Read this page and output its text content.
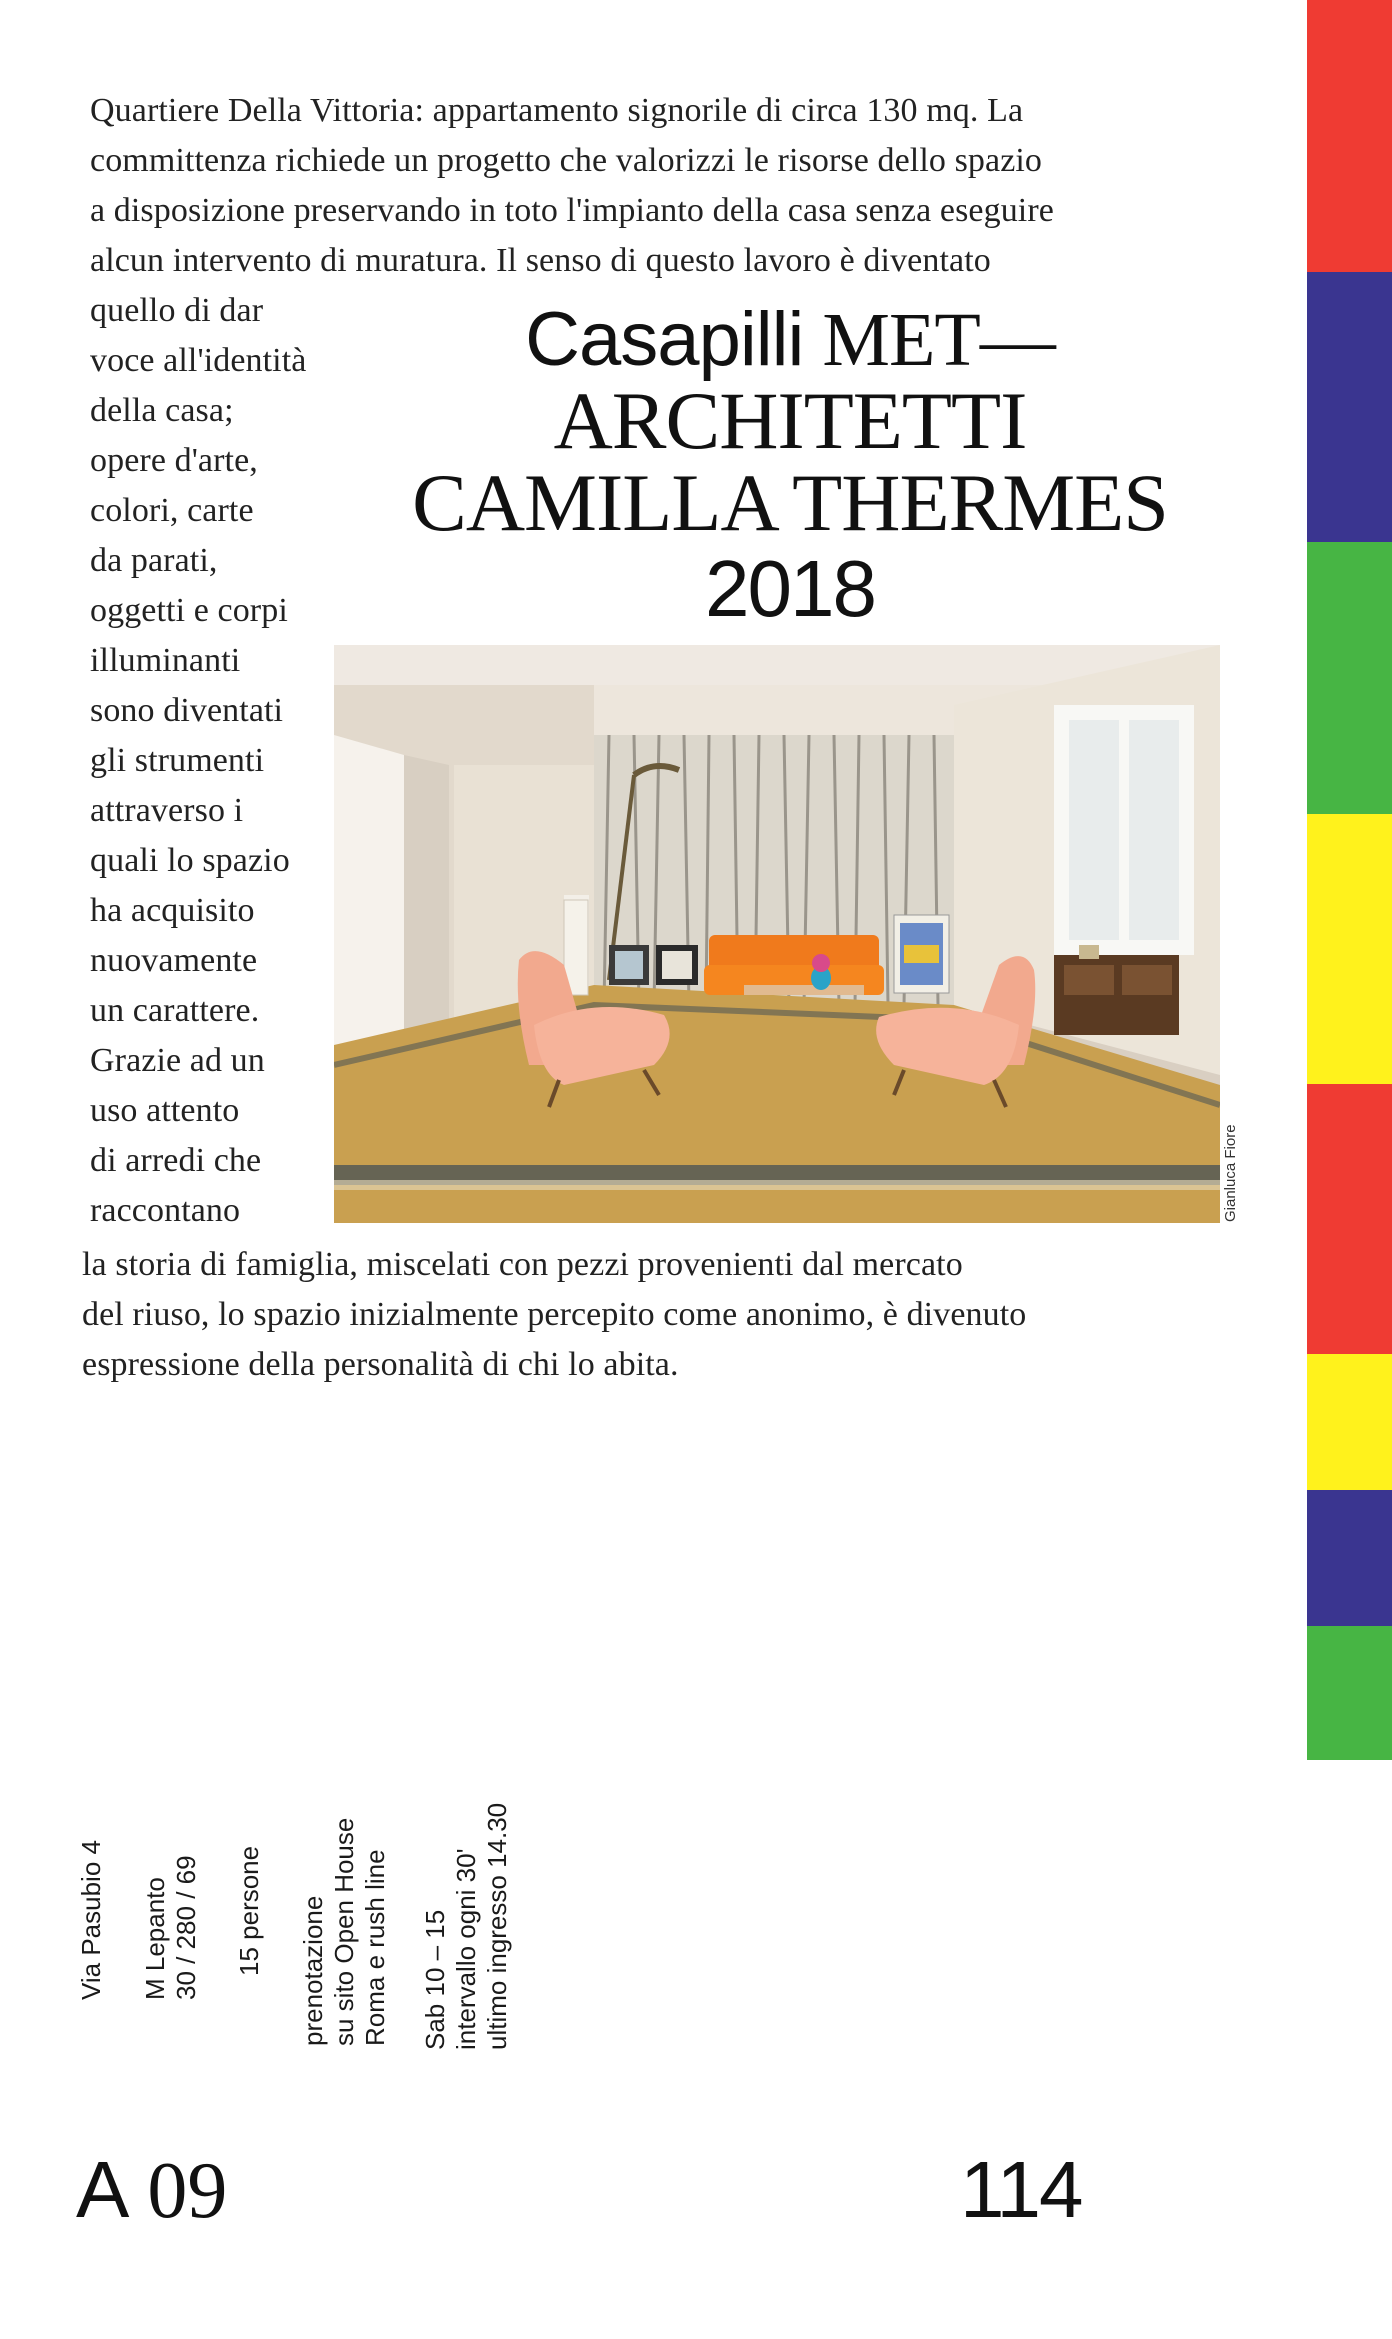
Quartiere Della Vittoria: appartamento signorile di circa 130 mq. La
committenza richiede un progetto che valorizzi le risorse dello spazio
a disposizione preservando in toto l'impianto della casa senza eseguire
alcun intervento di muratura. Il senso di questo lavoro è diventato
quello di dar
voce all'identità
della casa;
opere d'arte,
colori, carte
da parati,
oggetti e corpi
illuminanti
sono diventati
gli strumenti
attraverso i
quali lo spazio
ha acquisito
nuovamente
un carattere.
Grazie ad un
uso attento
di arredi che
raccontano
Casapilli MET—
ARCHITETTI
CAMILLA THERMES
2018
Gianluca Fiore
Via Pasubio 4 M Lepanto 30 / 280 / 69 15 persone prenotazione su sito Open House Roma e rush line Sab 10 – 15 intervallo ogni 30' ultimo ingresso 14.30
la storia di famiglia, miscelati con pezzi provenienti dal mercato
del riuso, lo spazio inizialmente percepito come anonimo, è divenuto
espressione della personalità di chi lo abita.
A 09	114
